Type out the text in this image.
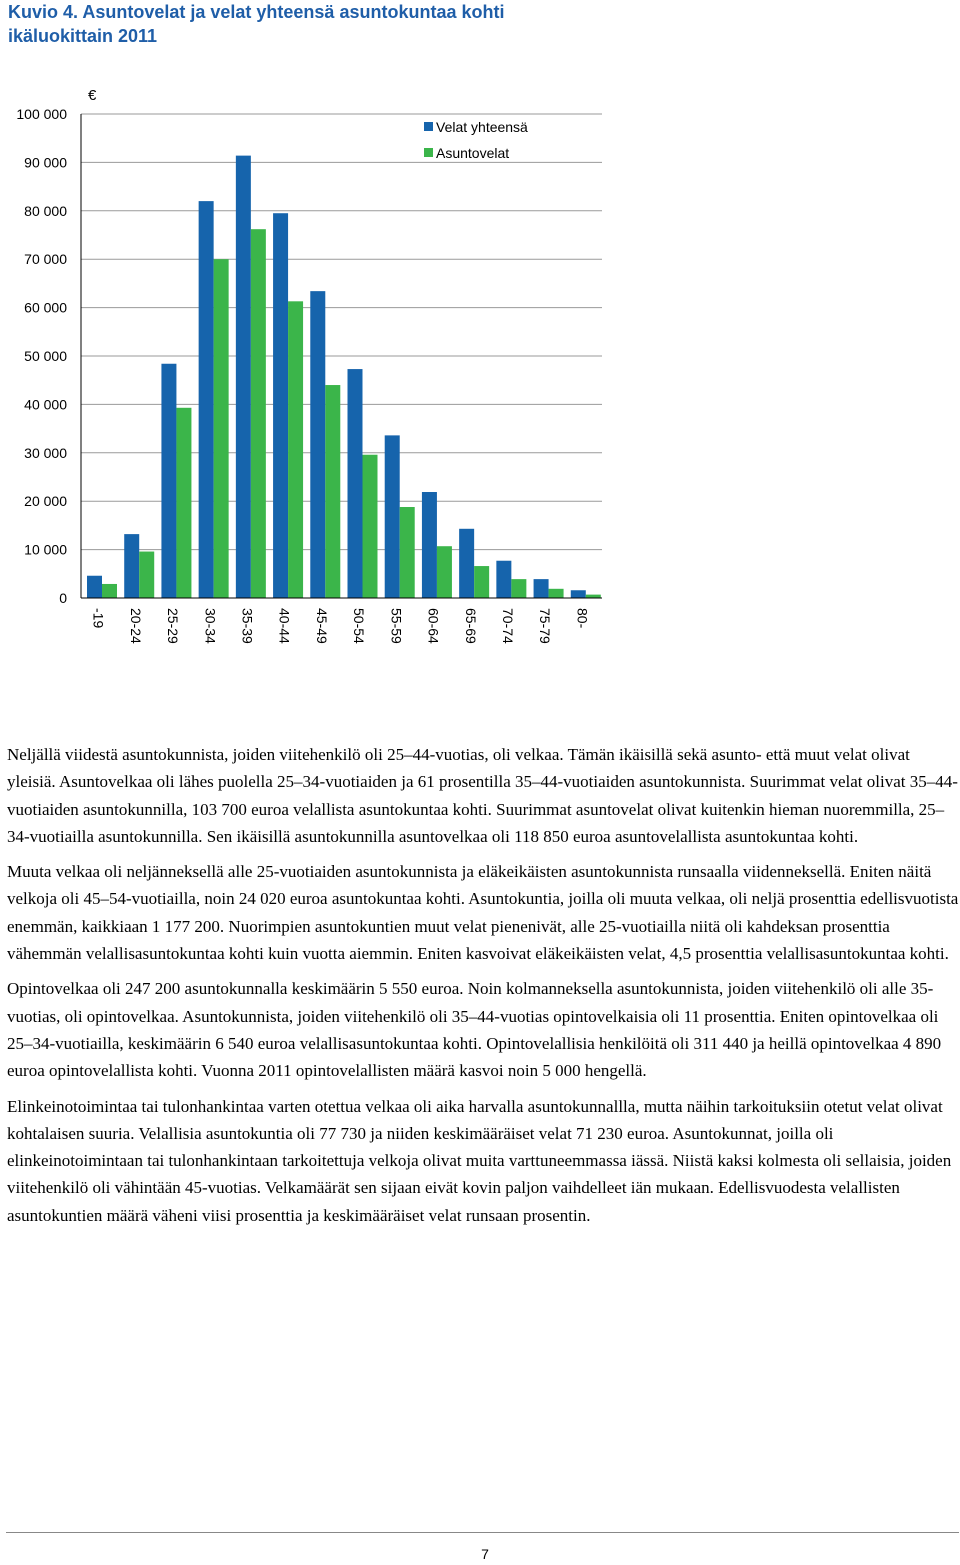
Kuvio 4. Asuntovelat ja velat yhteensä asuntokuntaa kohti
ikäluokittain 2011
0
10 000
20 000
30 000
40 000
50 000
60 000
70 000
80 000
90 000
100 000
-19 20-24 25-29 30-34 35-39 40-44 45-49 50-54 55-59 60-64 65-69 70-74 75-79 80-
€
Velat yhteensä
Asuntovelat

Neljällä viidestä asuntokunnista, joiden viitehenkilö oli 25–44-vuotias, oli velkaa. Tämän ikäisillä sekä asunto- että muut velat olivat yleisiä. Asuntovelkaa oli lähes puolella 25–34-vuotiaiden ja 61 prosentilla 35–44-vuotiaiden asuntokunnista. Suurimmat velat olivat 35–44-vuotiaiden asuntokunnilla, 103 700 euroa velallista asuntokuntaa kohti. Suurimmat asuntovelat olivat kuitenkin hieman nuoremmilla, 25–34-vuotiailla asuntokunnilla. Sen ikäisillä asuntokunnilla asuntovelkaa oli 118 850 euroa asuntovelallista asuntokuntaa kohti.

Muuta velkaa oli neljänneksellä alle 25-vuotiaiden asuntokunnista ja eläkeikäisten asuntokunnista runsaalla viidenneksellä. Eniten näitä velkoja oli 45–54-vuotiailla, noin 24 020 euroa asuntokuntaa kohti. Asuntokuntia, joilla oli muuta velkaa, oli neljä prosenttia edellisvuotista enemmän, kaikkiaan 1 177 200. Nuorimpien asuntokuntien muut velat pienenivät, alle 25-vuotiailla niitä oli kahdeksan prosenttia vähemmän velallisasuntokuntaa kohti kuin vuotta aiemmin. Eniten kasvoivat eläkeikäisten velat, 4,5 prosenttia velallisasuntokuntaa kohti.

Opintovelkaa oli 247 200 asuntokunnalla keskimäärin 5 550 euroa. Noin kolmanneksella asuntokunnista, joiden viitehenkilö oli alle 35-vuotias, oli opintovelkaa. Asuntokunnista, joiden viitehenkilö oli 35–44-vuotias opintovelkaisia oli 11 prosenttia. Eniten opintovelkaa oli 25–34-vuotiailla, keskimäärin 6 540 euroa velallisasuntokuntaa kohti. Opintovelallisia henkilöitä oli 311 440 ja heillä opintovelkaa 4 890 euroa opintovelallista kohti. Vuonna 2011 opintovelallisten määrä kasvoi noin 5 000 hengellä.

Elinkeinotoimintaa tai tulonhankintaa varten otettua velkaa oli aika harvalla asuntokunnallla, mutta näihin tarkoituksiin otetut velat olivat kohtalaisen suuria. Velallisia asuntokuntia oli 77 730 ja niiden keskimääräiset velat 71 230 euroa. Asuntokunnat, joilla oli elinkeinotoimintaan tai tulonhankintaan tarkoitettuja velkoja olivat muita varttuneemmassa iässä. Niistä kaksi kolmesta oli sellaisia, joiden viitehenkilö oli vähintään 45-vuotias. Velkamäärät sen sijaan eivät kovin paljon vaihdelleet iän mukaan. Edellisvuodesta velallisten asuntokuntien määrä väheni viisi prosenttia ja keskimääräiset velat runsaan prosentin.

7
